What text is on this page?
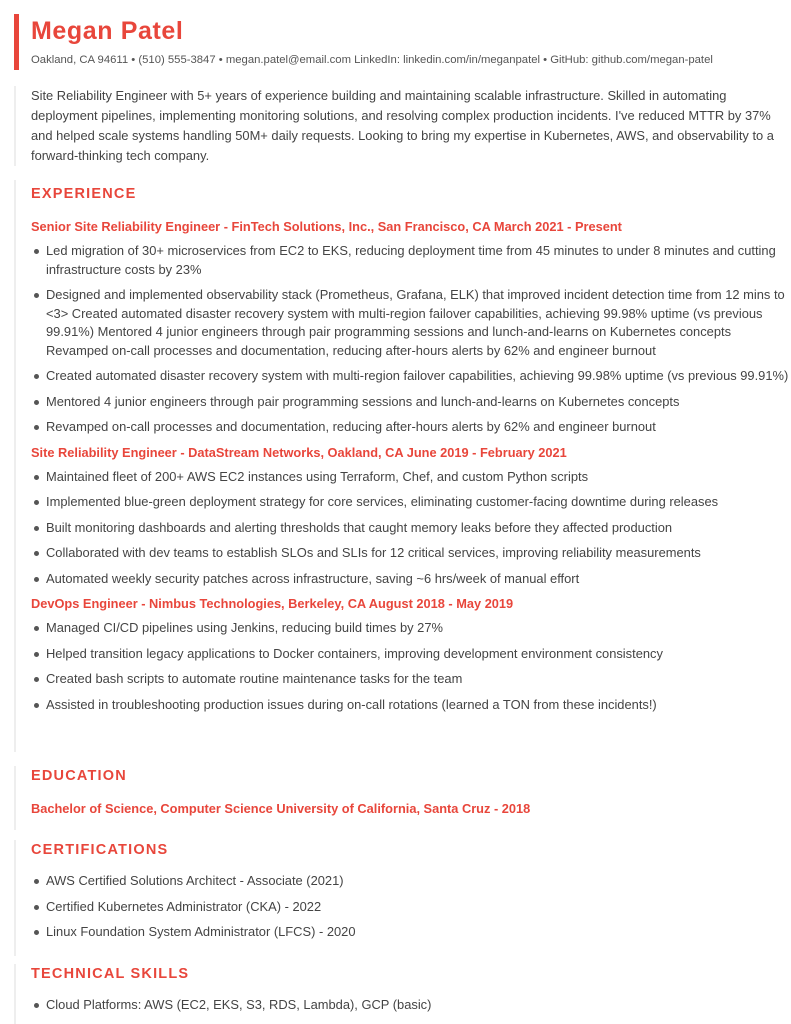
Megan Patel
Oakland, CA 94611 • (510) 555-3847 • megan.patel@email.com LinkedIn: linkedin.com/in/meganpatel • GitHub: github.com/megan-patel
Site Reliability Engineer with 5+ years of experience building and maintaining scalable infrastructure. Skilled in automating deployment pipelines, implementing monitoring solutions, and resolving complex production incidents. I've reduced MTTR by 37% and helped scale systems handling 50M+ daily requests. Looking to bring my expertise in Kubernetes, AWS, and observability to a forward-thinking tech company.
EXPERIENCE
Senior Site Reliability Engineer - FinTech Solutions, Inc., San Francisco, CA March 2021 - Present
Led migration of 30+ microservices from EC2 to EKS, reducing deployment time from 45 minutes to under 8 minutes and cutting infrastructure costs by 23%
Designed and implemented observability stack (Prometheus, Grafana, ELK) that improved incident detection time from 12 mins to <3> Created automated disaster recovery system with multi-region failover capabilities, achieving 99.98% uptime (vs previous 99.91%) Mentored 4 junior engineers through pair programming sessions and lunch-and-learns on Kubernetes concepts Revamped on-call processes and documentation, reducing after-hours alerts by 62% and engineer burnout
Created automated disaster recovery system with multi-region failover capabilities, achieving 99.98% uptime (vs previous 99.91%)
Mentored 4 junior engineers through pair programming sessions and lunch-and-learns on Kubernetes concepts
Revamped on-call processes and documentation, reducing after-hours alerts by 62% and engineer burnout
Site Reliability Engineer - DataStream Networks, Oakland, CA June 2019 - February 2021
Maintained fleet of 200+ AWS EC2 instances using Terraform, Chef, and custom Python scripts
Implemented blue-green deployment strategy for core services, eliminating customer-facing downtime during releases
Built monitoring dashboards and alerting thresholds that caught memory leaks before they affected production
Collaborated with dev teams to establish SLOs and SLIs for 12 critical services, improving reliability measurements
Automated weekly security patches across infrastructure, saving ~6 hrs/week of manual effort
DevOps Engineer - Nimbus Technologies, Berkeley, CA August 2018 - May 2019
Managed CI/CD pipelines using Jenkins, reducing build times by 27%
Helped transition legacy applications to Docker containers, improving development environment consistency
Created bash scripts to automate routine maintenance tasks for the team
Assisted in troubleshooting production issues during on-call rotations (learned a TON from these incidents!)
EDUCATION
Bachelor of Science, Computer Science University of California, Santa Cruz - 2018
CERTIFICATIONS
AWS Certified Solutions Architect - Associate (2021)
Certified Kubernetes Administrator (CKA) - 2022
Linux Foundation System Administrator (LFCS) - 2020
TECHNICAL SKILLS
Cloud Platforms: AWS (EC2, EKS, S3, RDS, Lambda), GCP (basic)
